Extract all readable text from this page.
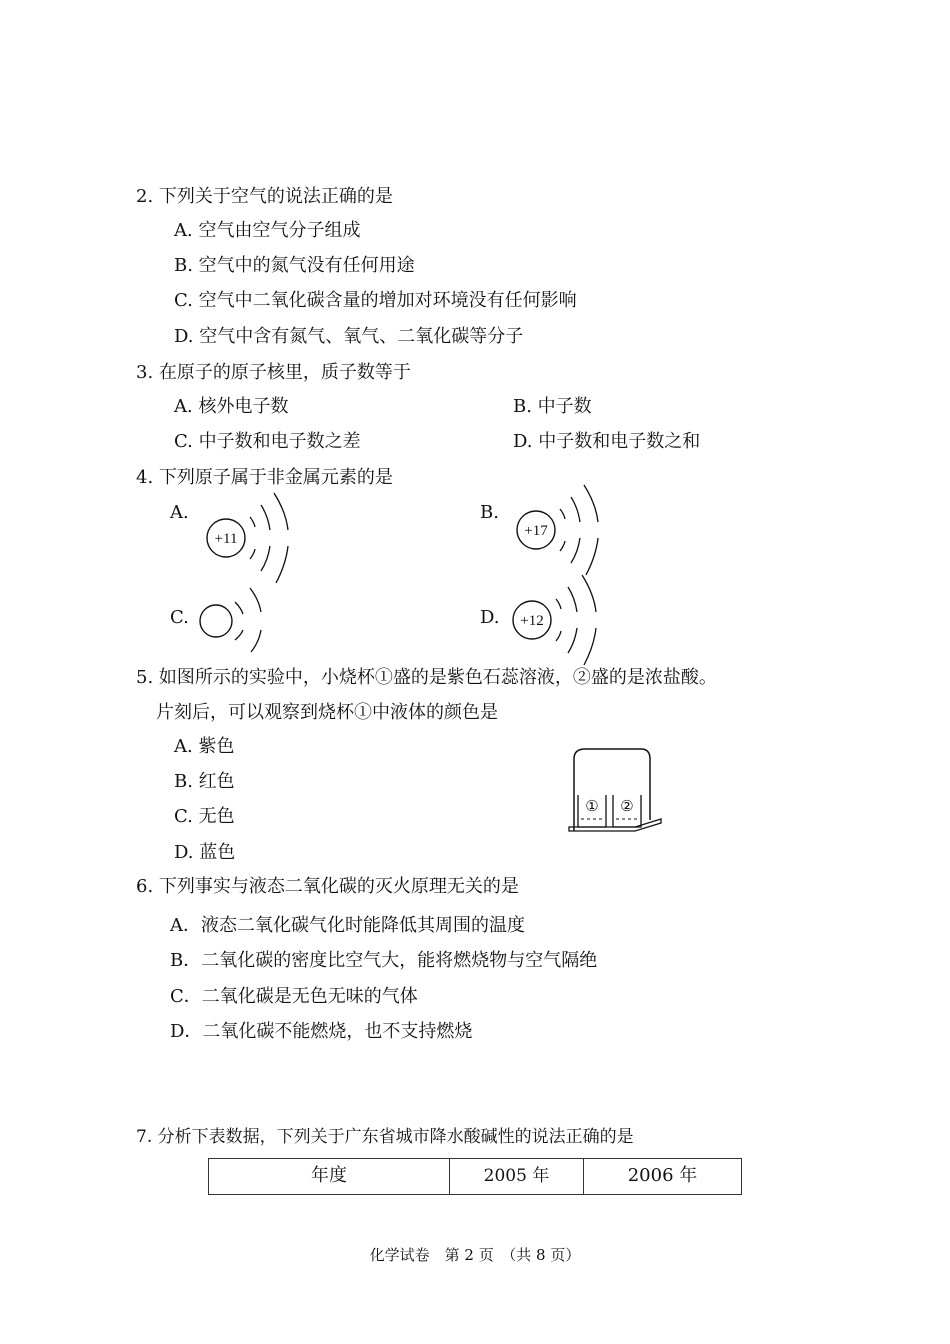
2. 下列关于空气的说法正确的是
A. 空气由空气分子组成
B. 空气中的氮气没有任何用途
C. 空气中二氧化碳含量的增加对环境没有任何影响
D. 空气中含有氮气、氧气、二氧化碳等分子
3. 在原子的原子核里，质子数等于
A. 核外电子数	B. 中子数
C. 中子数和电子数之差	D. 中子数和电子数之和
4. 下列原子属于非金属元素的是
A.
+11
B.
+17
C.	D. +12
5. 如图所示的实验中，小烧杯①盛的是紫色石蕊溶液，②盛的是浓盐酸。
片刻后，可以观察到烧杯①中液体的颜色是
A. 紫色
B. 红色
C. 无色
D. 蓝色
① ②
6. 下列事实与液态二氧化碳的灭火原理无关的是
A．液态二氧化碳气化时能降低其周围的温度
B．二氧化碳的密度比空气大，能将燃烧物与空气隔绝
C．二氧化碳是无色无味的气体
D．二氧化碳不能燃烧，也不支持燃烧
7. 分析下表数据，下列关于广东省城市降水酸碱性的说法正确的是
年度	2005 年	2006 年
化学试卷　第 2 页　（共 8 页）
